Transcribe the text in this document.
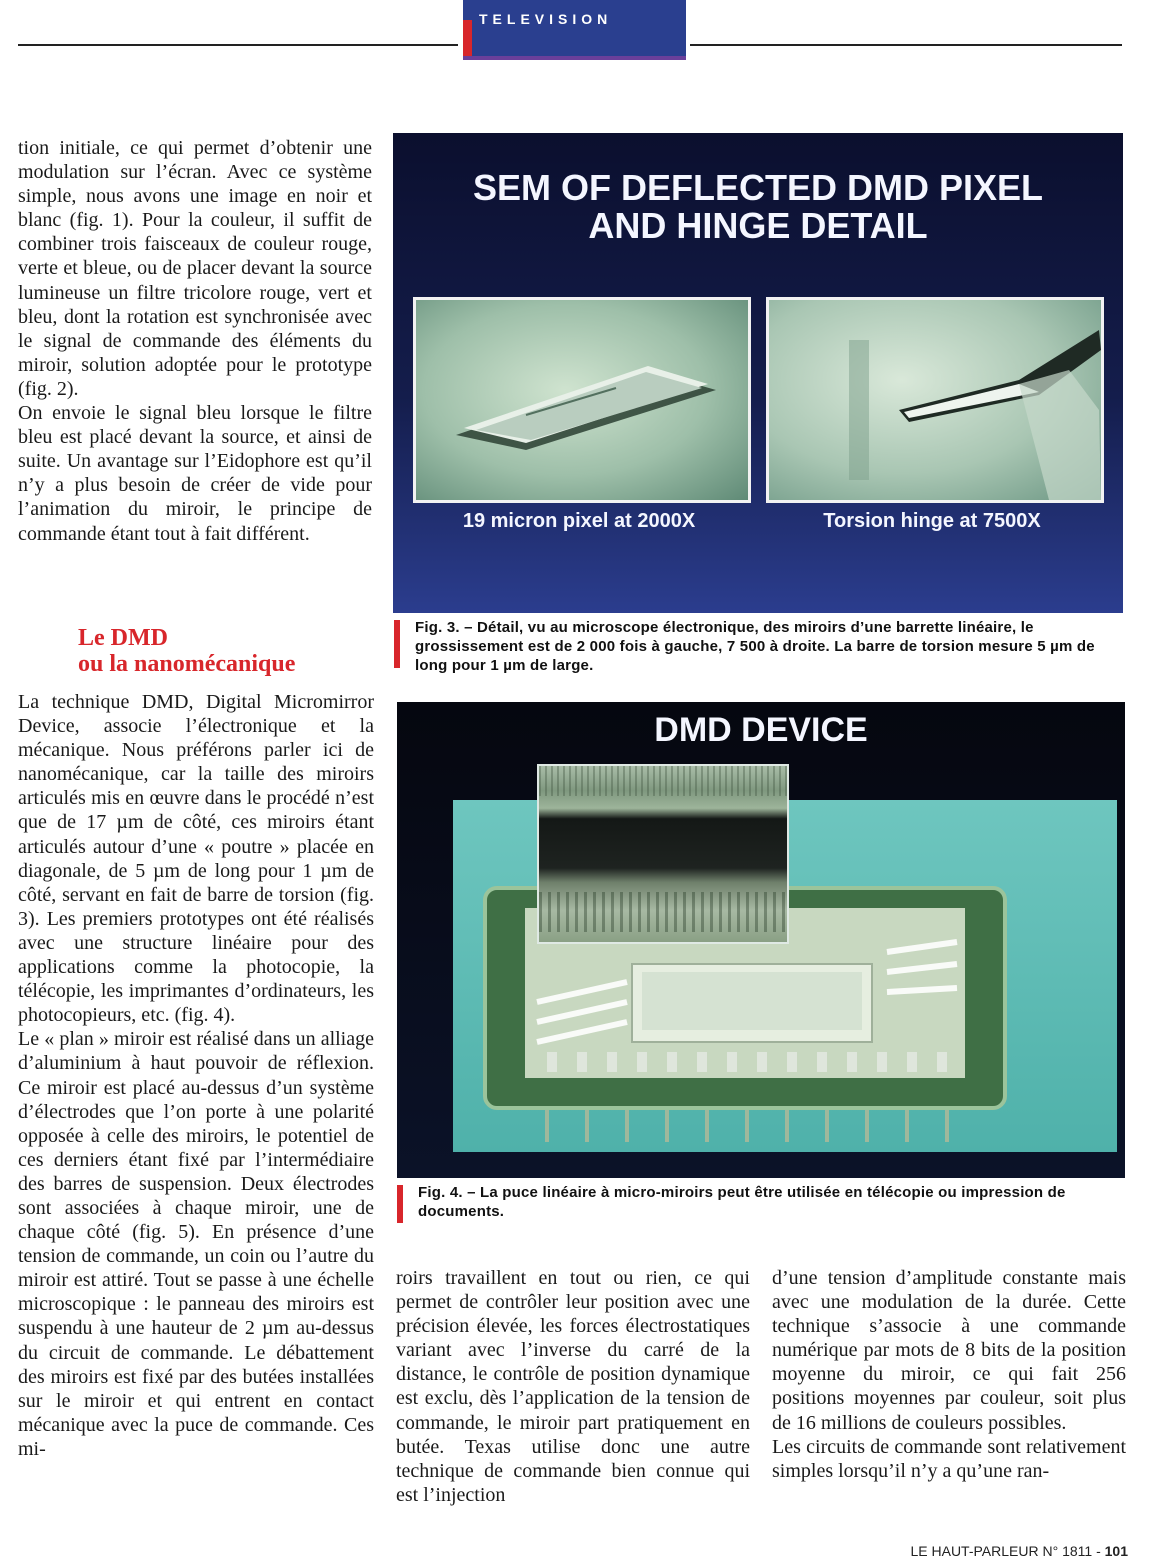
TELEVISION

tion initiale, ce qui permet d’obtenir une modulation sur l’écran. Avec ce système simple, nous avons une image en noir et blanc (fig. 1). Pour la couleur, il suffit de combiner trois faisceaux de couleur rouge, verte et bleue, ou de placer devant la source lumineuse un filtre tricolore rouge, vert et bleu, dont la rotation est synchronisée avec le signal de commande des éléments du miroir, solution adoptée pour le prototype (fig. 2).

On envoie le signal bleu lorsque le filtre bleu est placé devant la source, et ainsi de suite. Un avantage sur l’Eidophore est qu’il n’y a plus besoin de créer de vide pour l’animation du miroir, le principe de commande étant tout à fait différent.

Le DMD
ou la nanomécanique

La technique DMD, Digital Micromirror Device, associe l’électronique et la mécanique. Nous préférons parler ici de nanomécanique, car la taille des miroirs articulés mis en œuvre dans le procédé n’est que de 17 µm de côté, ces miroirs étant articulés autour d’une « poutre » placée en diagonale, de 5 µm de long pour 1 µm de côté, servant en fait de barre de torsion (fig. 3). Les premiers prototypes ont été réalisés avec une structure linéaire pour des applications comme la photocopie, la télécopie, les imprimantes d’ordinateurs, les photocopieurs, etc. (fig. 4).

Le « plan » miroir est réalisé dans un alliage d’aluminium à haut pouvoir de réflexion. Ce miroir est placé au-dessus d’un système d’électrodes que l’on porte à une polarité opposée à celle des miroirs, le potentiel de ces derniers étant fixé par l’intermédiaire des barres de suspension. Deux électrodes sont associées à chaque miroir, une de chaque côté (fig. 5). En présence d’une tension de commande, un coin ou l’autre du miroir est attiré. Tout se passe à une échelle microscopique : le panneau des miroirs est suspendu à une hauteur de 2 µm au-dessus du circuit de commande. Le débattement des miroirs est fixé par des butées installées sur le miroir et qui entrent en contact mécanique avec la puce de commande. Ces mi-

SEM OF DEFLECTED DMD PIXEL
AND HINGE DETAIL
19 micron pixel at 2000X	Torsion hinge at 7500X
Fig. 3. – Détail, vu au microscope électronique, des miroirs d’une barrette linéaire, le grossissement est de 2 000 fois à gauche, 7 500 à droite. La barre de torsion mesure 5 µm de long pour 1 µm de large.
DMD DEVICE
Fig. 4. – La puce linéaire à micro-miroirs peut être utilisée en télécopie ou impression de documents.

roirs travaillent en tout ou rien, ce qui permet de contrôler leur position avec une précision élevée, les forces électrostatiques variant avec l’inverse du carré de la distance, le contrôle de position dynamique est exclu, dès l’application de la tension de commande, le miroir part pratiquement en butée. Texas utilise donc une autre technique de commande bien connue qui est l’injection

d’une tension d’amplitude constante mais avec une modulation de la durée. Cette technique s’associe à une commande numérique par mots de 8 bits de la position moyenne du miroir, ce qui fait 256 positions moyennes par couleur, soit plus de 16 millions de couleurs possibles.

Les circuits de commande sont relativement simples lorsqu’il n’y a qu’une ran-

LE HAUT-PARLEUR N° 1811 - 101
